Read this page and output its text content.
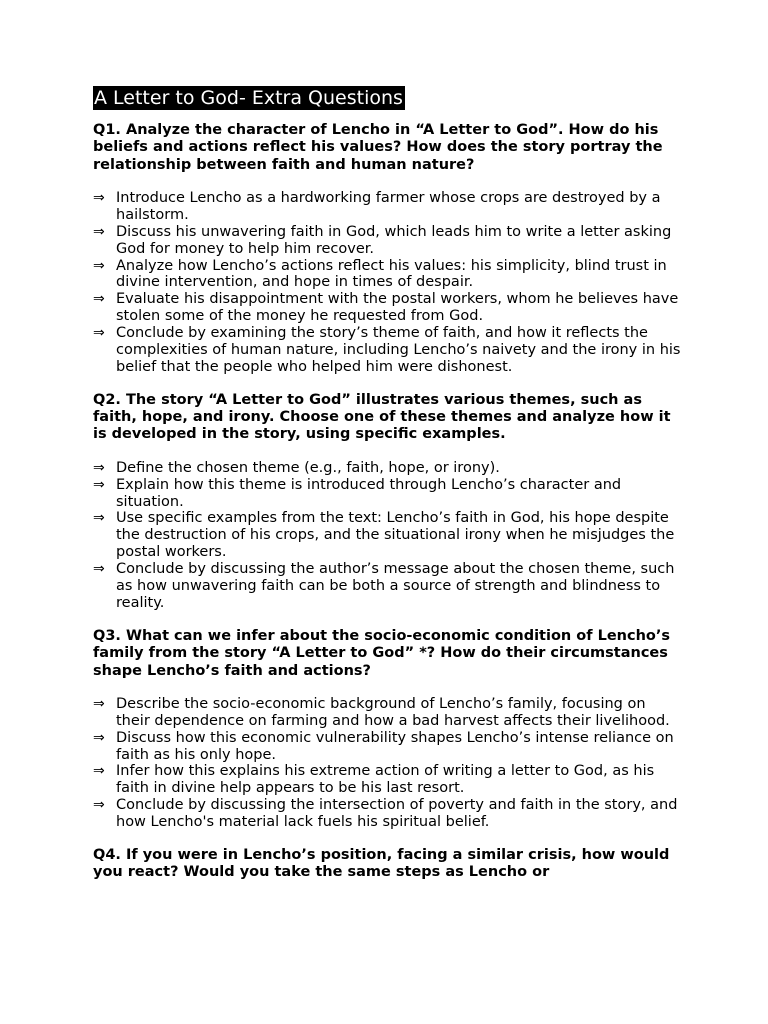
A Letter to God- Extra Questions

Q1. Analyze the character of Lencho in “A Letter to God”. How do his beliefs and actions reflect his values? How does the story portray the relationship between faith and human nature?

⇒ Introduce Lencho as a hardworking farmer whose crops are destroyed by a hailstorm.
⇒ Discuss his unwavering faith in God, which leads him to write a letter asking God for money to help him recover.
⇒ Analyze how Lencho’s actions reflect his values: his simplicity, blind trust in divine intervention, and hope in times of despair.
⇒ Evaluate his disappointment with the postal workers, whom he believes have stolen some of the money he requested from God.
⇒ Conclude by examining the story’s theme of faith, and how it reflects the complexities of human nature, including Lencho’s naivety and the irony in his belief that the people who helped him were dishonest.

Q2. The story “A Letter to God” illustrates various themes, such as faith, hope, and irony. Choose one of these themes and analyze how it is developed in the story, using specific examples.

⇒ Define the chosen theme (e.g., faith, hope, or irony).
⇒ Explain how this theme is introduced through Lencho’s character and situation.
⇒ Use specific examples from the text: Lencho’s faith in God, his hope despite the destruction of his crops, and the situational irony when he misjudges the postal workers.
⇒ Conclude by discussing the author’s message about the chosen theme, such as how unwavering faith can be both a source of strength and blindness to reality.

Q3. What can we infer about the socio-economic condition of Lencho’s family from the story “A Letter to God” *? How do their circumstances shape Lencho’s faith and actions?

⇒ Describe the socio-economic background of Lencho’s family, focusing on their dependence on farming and how a bad harvest affects their livelihood.
⇒ Discuss how this economic vulnerability shapes Lencho’s intense reliance on faith as his only hope.
⇒ Infer how this explains his extreme action of writing a letter to God, as his faith in divine help appears to be his last resort.
⇒ Conclude by discussing the intersection of poverty and faith in the story, and how Lencho's material lack fuels his spiritual belief.

Q4. If you were in Lencho’s position, facing a similar crisis, how would you react? Would you take the same steps as Lencho or
